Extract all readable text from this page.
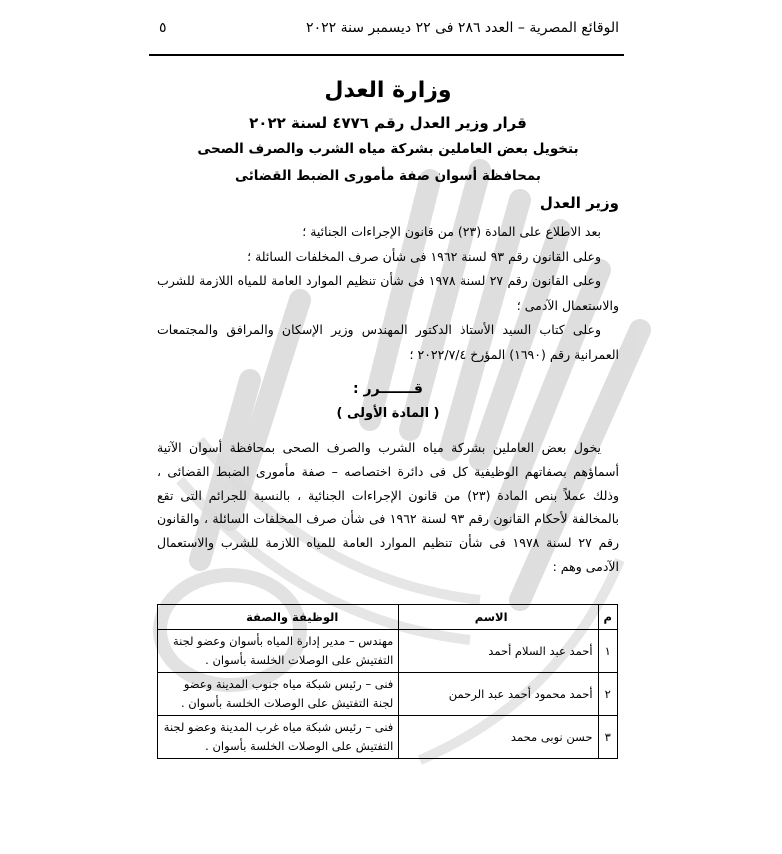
الوقائع المصرية – العدد ٢٨٦ فى ٢٢ ديسمبر سنة ٢٠٢٢
٥
وزارة العدل
قرار وزير العدل رقم ٤٧٧٦ لسنة ٢٠٢٢
بتخويل بعض العاملين بشركة مياه الشرب والصرف الصحى
بمحافظة أسوان صفة مأمورى الضبط القضائى
وزير العدل

بعد الاطلاع على المادة (٢٣) من قانون الإجراءات الجنائية ؛

وعلى القانون رقم ٩٣ لسنة ١٩٦٢ فى شأن صرف المخلفات السائلة ؛

وعلى القانون رقم ٢٧ لسنة ١٩٧٨ فى شأن تنظيم الموارد العامة للمياه اللازمة للشرب والاستعمال الآدمى ؛

وعلى كتاب السيد الأستاذ الدكتور المهندس وزير الإسكان والمرافق والمجتمعات العمرانية رقم (١٦٩٠) المؤرخ ٢٠٢٢/٧/٤ ؛

قـــــــرر :
( المادة الأولى )
يخول بعض العاملين بشركة مياه الشرب والصرف الصحى بمحافظة أسوان الآتية أسماؤهم بصفاتهم الوظيفية كل فى دائرة اختصاصه – صفة مأمورى الضبط القضائى ، وذلك عملاً بنص المادة (٢٣) من قانون الإجراءات الجنائية ، بالنسبة للجرائم التى تقع بالمخالفة لأحكام القانون رقم ٩٣ لسنة ١٩٦٢ فى شأن صرف المخلفات السائلة ، والقانون رقم ٢٧ لسنة ١٩٧٨ فى شأن تنظيم الموارد العامة للمياه اللازمة للشرب والاستعمال الآدمى وهم :
م	الاسم	الوظيفة والصفة
١	أحمد عبد السلام أحمد	مهندس – مدير إدارة المياه بأسوان وعضو لجنة التفتيش على الوصلات الخلسة بأسوان .
٢	أحمد محمود أحمد عبد الرحمن	فنى – رئيس شبكة مياه جنوب المدينة وعضو لجنة التفتيش على الوصلات الخلسة بأسوان .
٣	حسن نوبى محمد	فنى – رئيس شبكة مياه غرب المدينة وعضو لجنة التفتيش على الوصلات الخلسة بأسوان .
